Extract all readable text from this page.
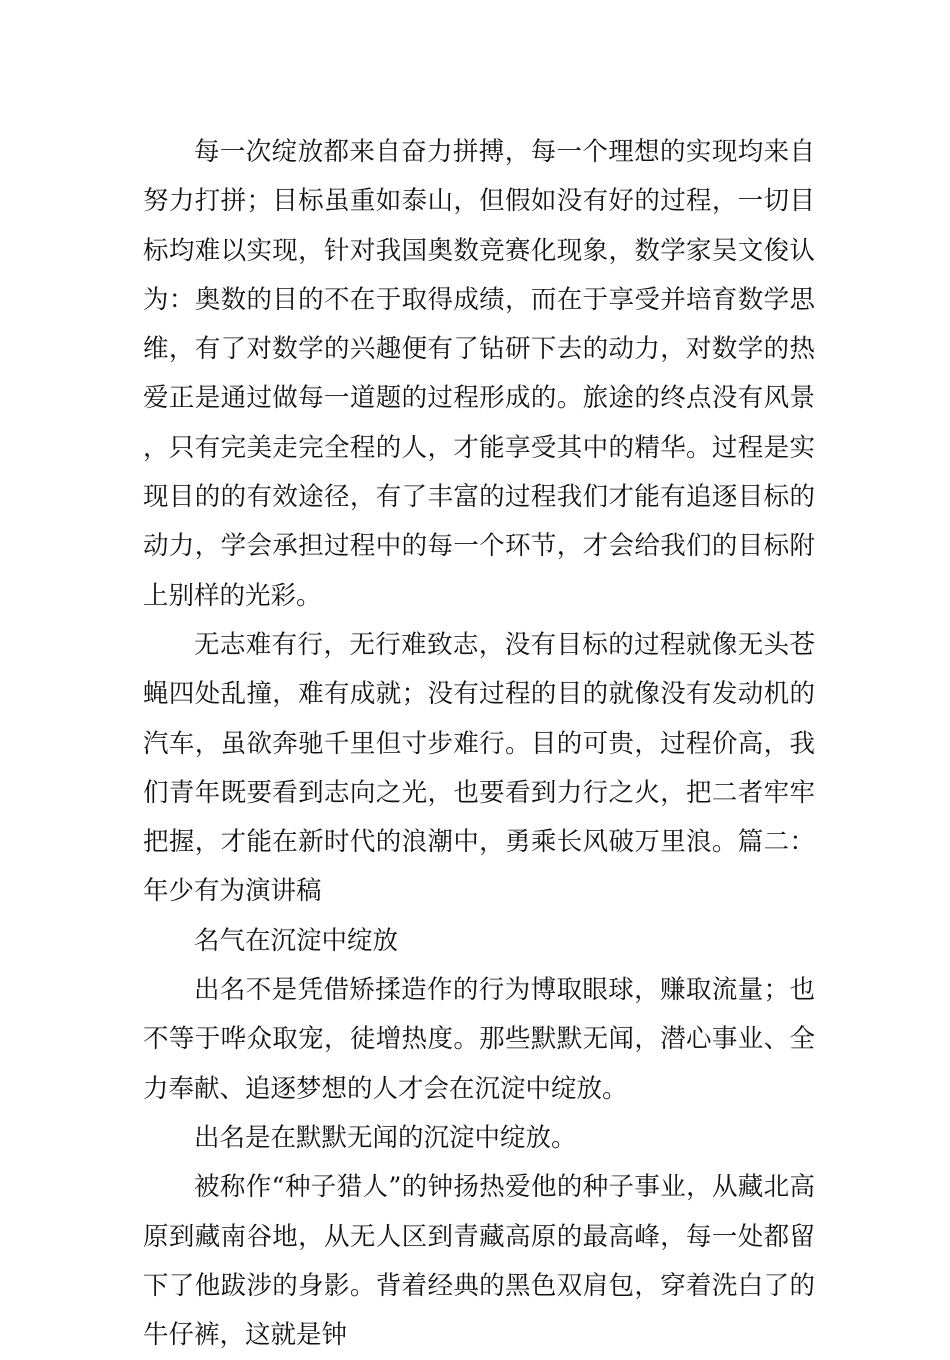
每一次绽放都来自奋力拼搏，每一个理想的实现均来自努力打拼；目标虽重如泰山，但假如没有好的过程，一切目标均难以实现，针对我国奥数竞赛化现象，数学家吴文俊认为：奥数的目的不在于取得成绩，而在于享受并培育数学思维，有了对数学的兴趣便有了钻研下去的动力，对数学的热爱正是通过做每一道题的过程形成的。旅途的终点没有风景，只有完美走完全程的人，才能享受其中的精华。过程是实现目的的有效途径，有了丰富的过程我们才能有追逐目标的动力，学会承担过程中的每一个环节，才会给我们的目标附上别样的光彩。

无志难有行，无行难致志，没有目标的过程就像无头苍蝇四处乱撞，难有成就；没有过程的目的就像没有发动机的汽车，虽欲奔驰千里但寸步难行。目的可贵，过程价高，我们青年既要看到志向之光，也要看到力行之火，把二者牢牢把握，才能在新时代的浪潮中，勇乘长风破万里浪。篇二：年少有为演讲稿

名气在沉淀中绽放

出名不是凭借矫揉造作的行为博取眼球，赚取流量；也不等于哗众取宠，徒增热度。那些默默无闻，潜心事业、全力奉献、追逐梦想的人才会在沉淀中绽放。

出名是在默默无闻的沉淀中绽放。

被称作“种子猎人”的钟扬热爱他的种子事业，从藏北高原到藏南谷地，从无人区到青藏高原的最高峰，每一处都留下了他跋涉的身影。背着经典的黑色双肩包，穿着洗白了的牛仔裤，这就是钟
